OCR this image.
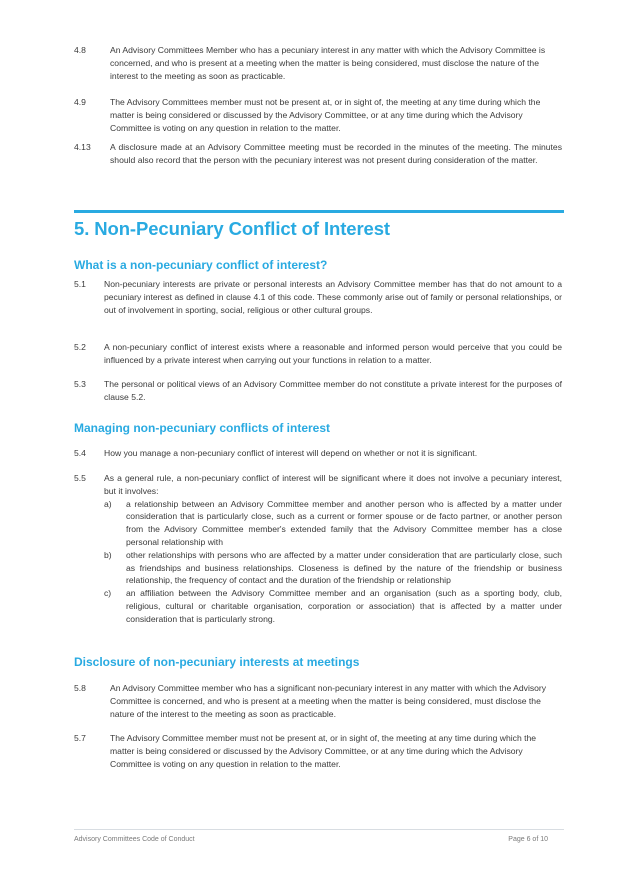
4.8	An Advisory Committees Member who has a pecuniary interest in any matter with which the Advisory Committee is concerned, and who is present at a meeting when the matter is being considered, must disclose the nature of the interest to the meeting as soon as practicable.
4.9	The Advisory Committees member must not be present at, or in sight of, the meeting at any time during which the matter is being considered or discussed by the Advisory Committee, or at any time during which the Advisory Committee is voting on any question in relation to the matter.
4.13 A disclosure made at an Advisory Committee meeting must be recorded in the minutes of the meeting. The minutes should also record that the person with the pecuniary interest was not present during consideration of the matter.
5. Non-Pecuniary Conflict of Interest
What is a non-pecuniary conflict of interest?
5.1 Non-pecuniary interests are private or personal interests an Advisory Committee member has that do not amount to a pecuniary interest as defined in clause 4.1 of this code. These commonly arise out of family or personal relationships, or out of involvement in sporting, social, religious or other cultural groups.
5.2 A non-pecuniary conflict of interest exists where a reasonable and informed person would perceive that you could be influenced by a private interest when carrying out your functions in relation to a matter.
5.3 The personal or political views of an Advisory Committee member do not constitute a private interest for the purposes of clause 5.2.
Managing non-pecuniary conflicts of interest
5.4 How you manage a non-pecuniary conflict of interest will depend on whether or not it is significant.
5.5 As a general rule, a non-pecuniary conflict of interest will be significant where it does not involve a pecuniary interest, but it involves:
a) a relationship between an Advisory Committee member and another person who is affected by a matter under consideration that is particularly close, such as a current or former spouse or de facto partner, or another person from the Advisory Committee member's extended family that the Advisory Committee member has a close personal relationship with
b) other relationships with persons who are affected by a matter under consideration that are particularly close, such as friendships and business relationships. Closeness is defined by the nature of the friendship or business relationship, the frequency of contact and the duration of the friendship or relationship
c) an affiliation between the Advisory Committee member and an organisation (such as a sporting body, club, religious, cultural or charitable organisation, corporation or association) that is affected by a matter under consideration that is particularly strong.
Disclosure of non-pecuniary interests at meetings
5.8	An Advisory Committee member who has a significant non-pecuniary interest in any matter with which the Advisory Committee is concerned, and who is present at a meeting when the matter is being considered, must disclose the nature of the interest to the meeting as soon as practicable.
5.7	The Advisory Committee member must not be present at, or in sight of, the meeting at any time during which the matter is being considered or discussed by the Advisory Committee, or at any time during which the Advisory Committee is voting on any question in relation to the matter.
Advisory Committees Code of Conduct	Page 6 of 10
